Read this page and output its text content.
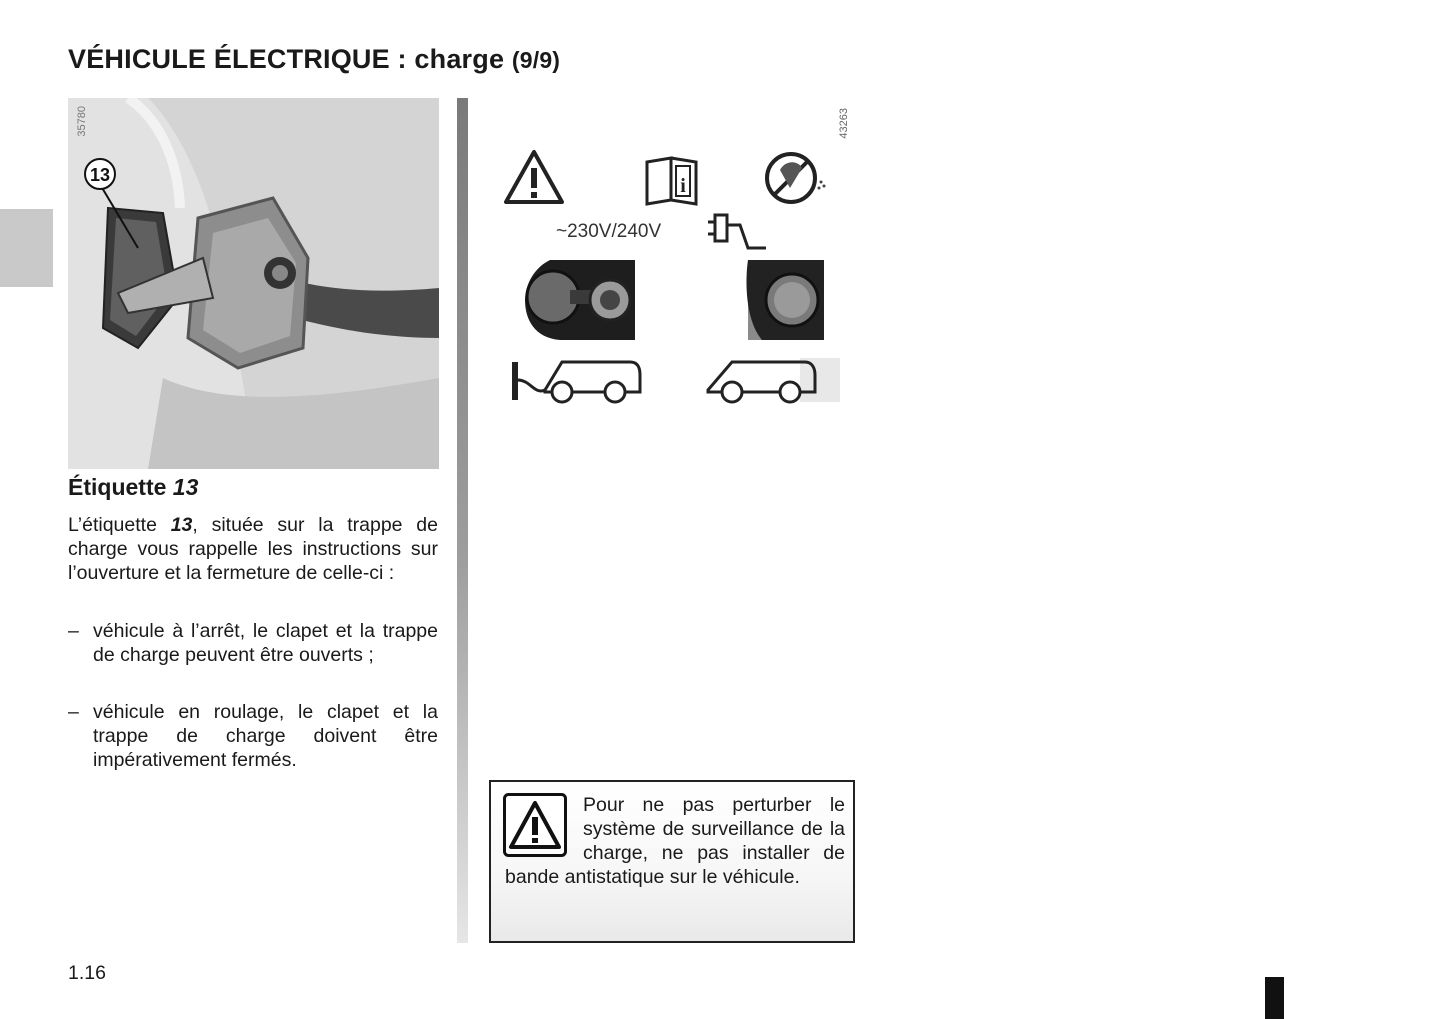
VÉHICULE ÉLECTRIQUE : charge (9/9)
13
35780
i
43263
~230V/240V
Étiquette 13

L’étiquette 13, située sur la trappe de charge vous rappelle les instructions sur l’ouverture et la fermeture de celle-ci :

– véhicule à l’arrêt, le clapet et la trappe de charge peuvent être ouverts ;
– véhicule en roulage, le clapet et la trappe de charge doivent être impérativement fermés.

Pour ne pas perturber le système de surveillance de la charge, ne pas installer de bande antistatique sur le véhicule.

1.16
